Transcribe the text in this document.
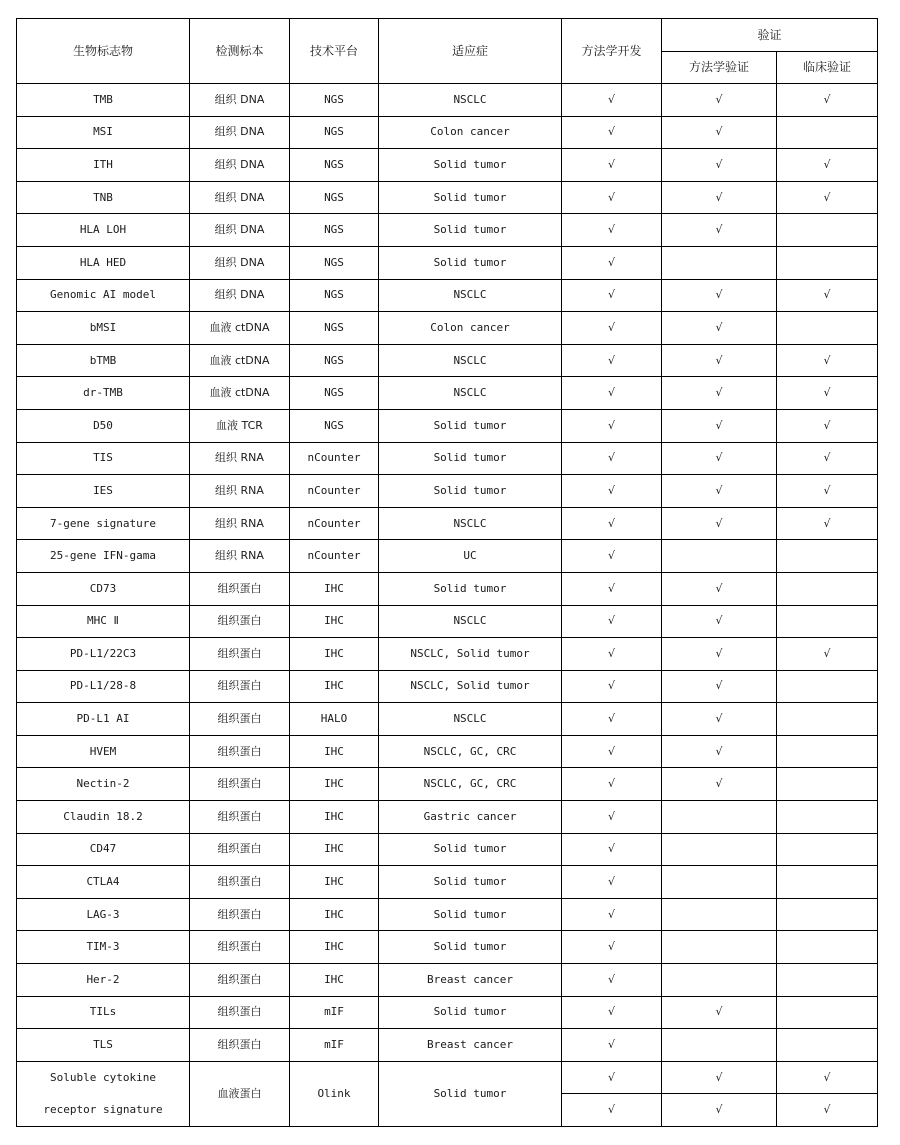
生物标志物	检测标本	技术平台	适应症	方法学开发	验证	
					方法学验证	临床验证
TMB	组织 DNA	NGS	NSCLC	√	√	√
MSI	组织 DNA	NGS	Colon cancer	√	√	
ITH	组织 DNA	NGS	Solid tumor	√	√	√
TNB	组织 DNA	NGS	Solid tumor	√	√	√
HLA LOH	组织 DNA	NGS	Solid tumor	√	√	
HLA HED	组织 DNA	NGS	Solid tumor	√		
Genomic AI model	组织 DNA	NGS	NSCLC	√	√	√
bMSI	血液 ctDNA	NGS	Colon cancer	√	√	
bTMB	血液 ctDNA	NGS	NSCLC	√	√	√
dr-TMB	血液 ctDNA	NGS	NSCLC	√	√	√
D50	血液 TCR	NGS	Solid tumor	√	√	√
TIS	组织 RNA	nCounter	Solid tumor	√	√	√
IES	组织 RNA	nCounter	Solid tumor	√	√	√
7-gene signature	组织 RNA	nCounter	NSCLC	√	√	√
25-gene IFN-gama	组织 RNA	nCounter	UC	√		
CD73	组织蛋白	IHC	Solid tumor	√	√	
MHC Ⅱ	组织蛋白	IHC	NSCLC	√	√	
PD-L1/22C3	组织蛋白	IHC	NSCLC, Solid tumor	√	√	√
PD-L1/28-8	组织蛋白	IHC	NSCLC, Solid tumor	√	√	
PD-L1 AI	组织蛋白	HALO	NSCLC	√	√	
HVEM	组织蛋白	IHC	NSCLC, GC, CRC	√	√	
Nectin-2	组织蛋白	IHC	NSCLC, GC, CRC	√	√	
Claudin 18.2	组织蛋白	IHC	Gastric cancer	√		
CD47	组织蛋白	IHC	Solid tumor	√		
CTLA4	组织蛋白	IHC	Solid tumor	√		
LAG-3	组织蛋白	IHC	Solid tumor	√		
TIM-3	组织蛋白	IHC	Solid tumor	√		
Her-2	组织蛋白	IHC	Breast cancer	√		
TILs	组织蛋白	mIF	Solid tumor	√	√	
TLS	组织蛋白	mIF	Breast cancer	√		
Soluble cytokine
receptor signature	血液蛋白	Olink	Solid tumor	√	√	√
				√	√	√
